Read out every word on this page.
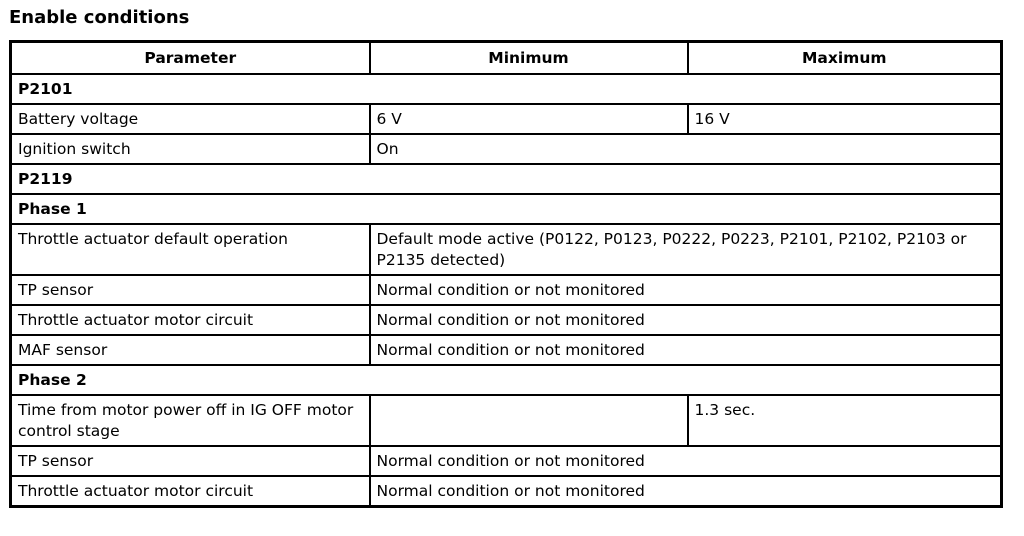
Enable conditions
Parameter	Minimum	Maximum
P2101		
Battery voltage	6 V	16 V
Ignition switch	On	
P2119		
Phase 1		
Throttle actuator default operation	Default mode active (P0122, P0123, P0222, P0223, P2101, P2102, P2103 or P2135 detected)	
TP sensor	Normal condition or not monitored	
Throttle actuator motor circuit	Normal condition or not monitored	
MAF sensor	Normal condition or not monitored	
Phase 2		
Time from motor power off in IG OFF motor control stage		1.3 sec.
TP sensor	Normal condition or not monitored	
Throttle actuator motor circuit	Normal condition or not monitored	
